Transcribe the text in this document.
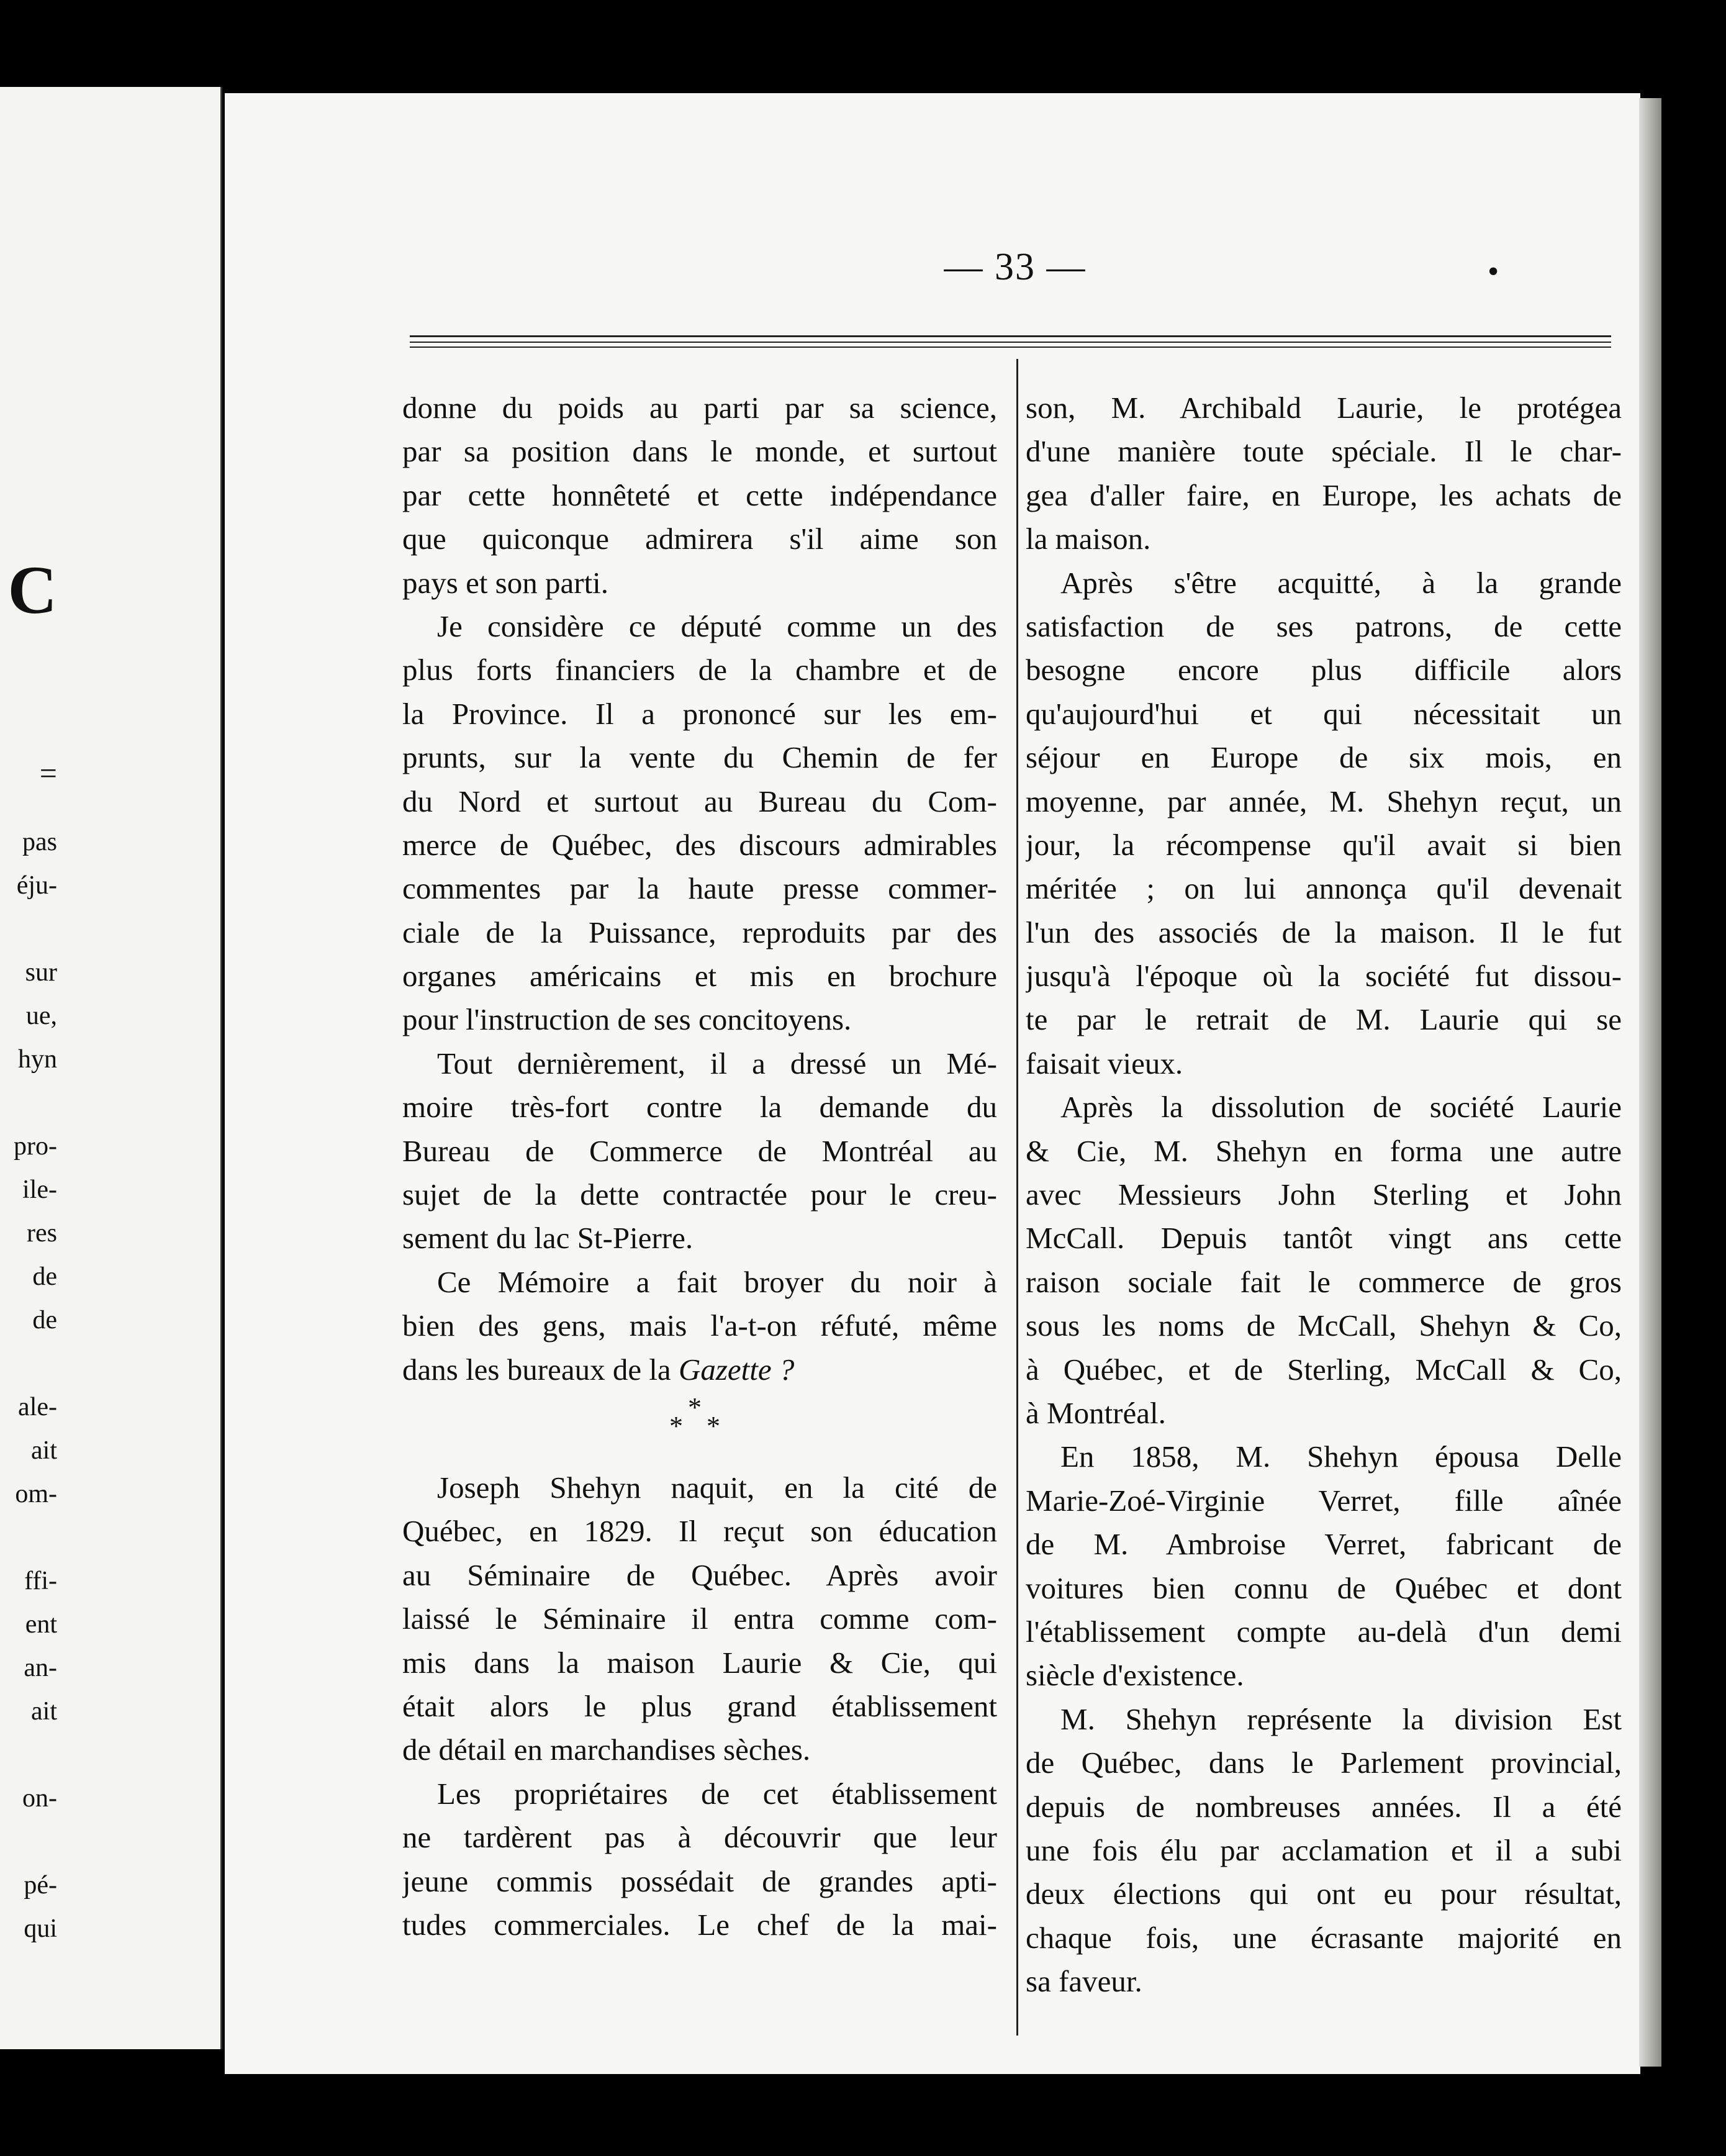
C
=
pas
éju-
sur
ue,
hyn
pro-
ile-
res
de
de
ale-
ait
om-
ffi-
ent
an-
ait
on-
pé-
qui
— 33 —	•
donne du poids au parti par sa science,
par sa position dans le monde, et surtout
par cette honnêteté et cette indépendance
que quiconque admirera s'il aime son
pays et son parti.
Je considère ce député comme un des
plus forts financiers de la chambre et de
la Province. Il a prononcé sur les em-
prunts, sur la vente du Chemin de fer
du Nord et surtout au Bureau du Com-
merce de Québec, des discours admirables
commentes par la haute presse commer-
ciale de la Puissance, reproduits par des
organes américains et mis en brochure
pour l'instruction de ses concitoyens.
Tout dernièrement, il a dressé un Mé-
moire très-fort contre la demande du
Bureau de Commerce de Montréal au
sujet de la dette contractée pour le creu-
sement du lac St-Pierre.
Ce Mémoire a fait broyer du noir à
bien des gens, mais l'a-t-on réfuté, même
dans les bureaux de la Gazette ?
*
* *
Joseph Shehyn naquit, en la cité de
Québec, en 1829. Il reçut son éducation
au Séminaire de Québec. Après avoir
laissé le Séminaire il entra comme com-
mis dans la maison Laurie & Cie, qui
était alors le plus grand établissement
de détail en marchandises sèches.
Les propriétaires de cet établissement
ne tardèrent pas à découvrir que leur
jeune commis possédait de grandes apti-
tudes commerciales. Le chef de la mai-
son, M. Archibald Laurie, le protégea
d'une manière toute spéciale. Il le char-
gea d'aller faire, en Europe, les achats de
la maison.
Après s'être acquitté, à la grande
satisfaction de ses patrons, de cette
besogne encore plus difficile alors
qu'aujourd'hui et qui nécessitait un
séjour en Europe de six mois, en
moyenne, par année, M. Shehyn reçut, un
jour, la récompense qu'il avait si bien
méritée ; on lui annonça qu'il devenait
l'un des associés de la maison. Il le fut
jusqu'à l'époque où la société fut dissou-
te par le retrait de M. Laurie qui se
faisait vieux.
Après la dissolution de société Laurie
& Cie, M. Shehyn en forma une autre
avec Messieurs John Sterling et John
McCall. Depuis tantôt vingt ans cette
raison sociale fait le commerce de gros
sous les noms de McCall, Shehyn & Co,
à Québec, et de Sterling, McCall & Co,
à Montréal.
En 1858, M. Shehyn épousa Delle
Marie-Zoé-Virginie Verret, fille aînée
de M. Ambroise Verret, fabricant de
voitures bien connu de Québec et dont
l'établissement compte au-delà d'un demi
siècle d'existence.
M. Shehyn représente la division Est
de Québec, dans le Parlement provincial,
depuis de nombreuses années. Il a été
une fois élu par acclamation et il a subi
deux élections qui ont eu pour résultat,
chaque fois, une écrasante majorité en
sa faveur.
